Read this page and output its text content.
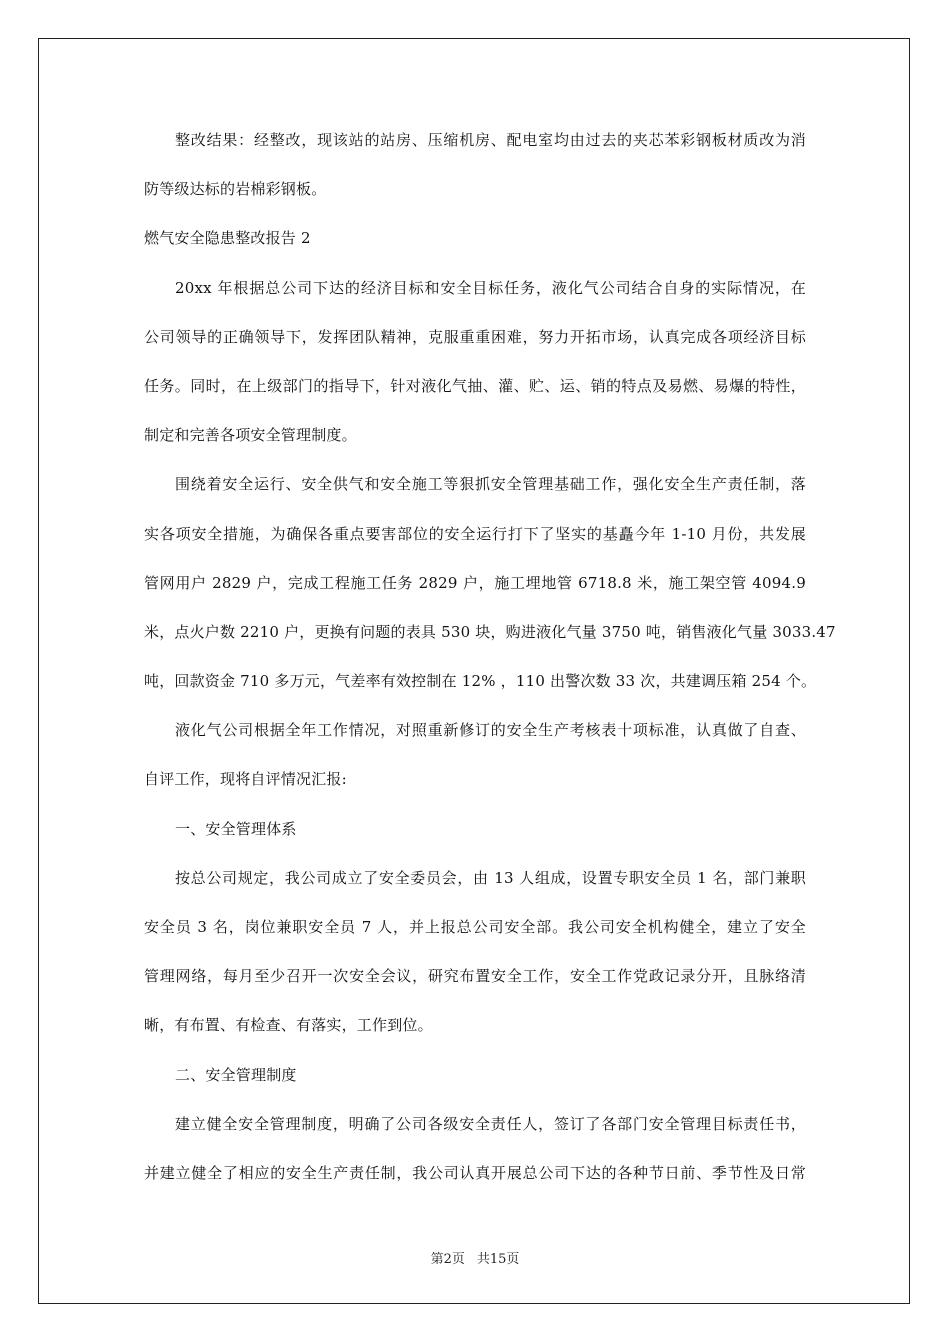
整改结果：经整改，现该站的站房、压缩机房、配电室均由过去的夹芯苯彩钢板材质改为消
防等级达标的岩棉彩钢板。
燃气安全隐患整改报告 2
20xx 年根据总公司下达的经济目标和安全目标任务，液化气公司结合自身的实际情况，在
公司领导的正确领导下，发挥团队精神，克服重重困难，努力开拓市场，认真完成各项经济目标
任务。同时，在上级部门的指导下，针对液化气抽、灌、贮、运、销的特点及易燃、易爆的特性，
制定和完善各项安全管理制度。
围绕着安全运行、安全供气和安全施工等狠抓安全管理基础工作，强化安全生产责任制，落
实各项安全措施，为确保各重点要害部位的安全运行打下了坚实的基矗今年 1-10 月份，共发展
管网用户 2829 户，完成工程施工任务 2829 户，施工埋地管 6718.8 米，施工架空管 4094.9
米，点火户数 2210 户，更换有问题的表具 530 块，购进液化气量 3750 吨，销售液化气量 3033.47
吨，回款资金 710 多万元，气差率有效控制在 12% ，110 出警次数 33 次，共建调压箱 254 个。
液化气公司根据全年工作情况，对照重新修订的安全生产考核表十项标准，认真做了自查、
自评工作，现将自评情况汇报:
一、安全管理体系
按总公司规定，我公司成立了安全委员会，由 13 人组成，设置专职安全员 1 名，部门兼职
安全员 3 名，岗位兼职安全员 7 人，并上报总公司安全部。我公司安全机构健全，建立了安全
管理网络，每月至少召开一次安全会议，研究布置安全工作，安全工作党政记录分开，且脉络清
晰，有布置、有检查、有落实，工作到位。
二、安全管理制度
建立健全安全管理制度，明确了公司各级安全责任人，签订了各部门安全管理目标责任书，
并建立健全了相应的安全生产责任制，我公司认真开展总公司下达的各种节日前、季节性及日常
第2页 共15页
